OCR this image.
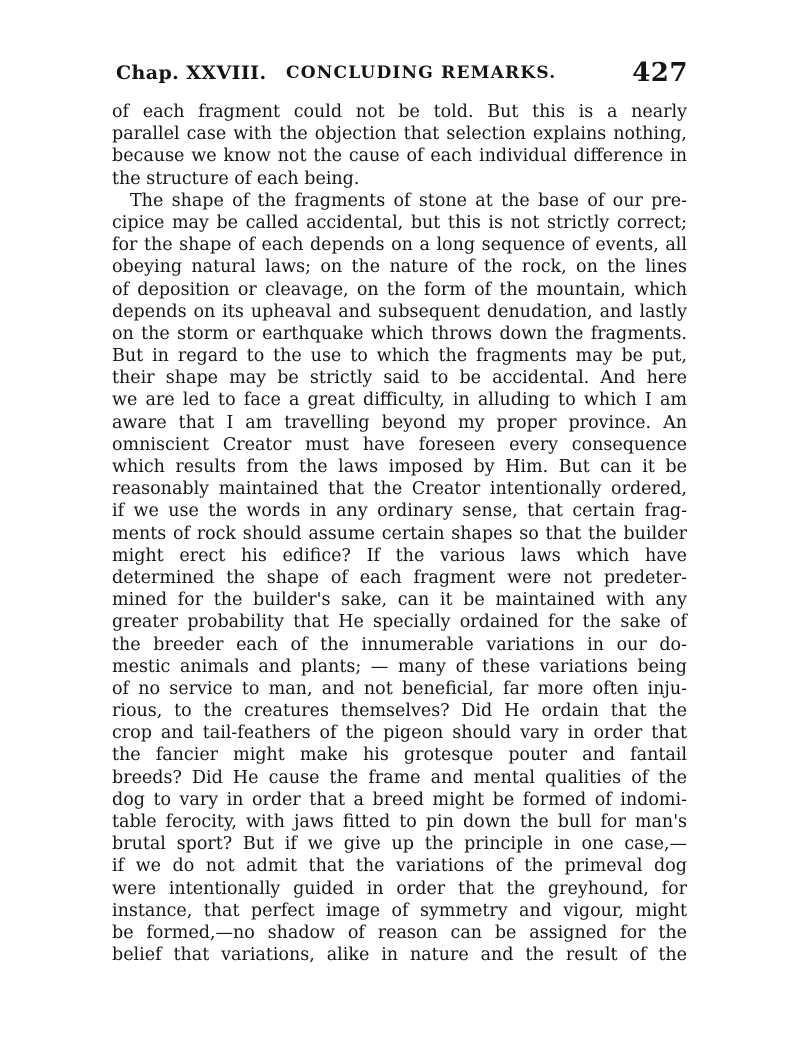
Chap. XXVIII. CONCLUDING REMARKS.	427
of each fragment could not be told. But this is a nearly
parallel case with the objection that selection explains nothing,
because we know not the cause of each individual difference in
the structure of each being.
The shape of the fragments of stone at the base of our pre-
cipice may be called accidental, but this is not strictly correct;
for the shape of each depends on a long sequence of events, all
obeying natural laws; on the nature of the rock, on the lines
of deposition or cleavage, on the form of the mountain, which
depends on its upheaval and subsequent denudation, and lastly
on the storm or earthquake which throws down the fragments.
But in regard to the use to which the fragments may be put,
their shape may be strictly said to be accidental. And here
we are led to face a great difficulty, in alluding to which I am
aware that I am travelling beyond my proper province. An
omniscient Creator must have foreseen every consequence
which results from the laws imposed by Him. But can it be
reasonably maintained that the Creator intentionally ordered,
if we use the words in any ordinary sense, that certain frag-
ments of rock should assume certain shapes so that the builder
might erect his edifice? If the various laws which have
determined the shape of each fragment were not predeter-
mined for the builder's sake, can it be maintained with any
greater probability that He specially ordained for the sake of
the breeder each of the innumerable variations in our do-
mestic animals and plants; — many of these variations being
of no service to man, and not beneficial, far more often inju-
rious, to the creatures themselves? Did He ordain that the
crop and tail-feathers of the pigeon should vary in order that
the fancier might make his grotesque pouter and fantail
breeds? Did He cause the frame and mental qualities of the
dog to vary in order that a breed might be formed of indomi-
table ferocity, with jaws fitted to pin down the bull for man's
brutal sport? But if we give up the principle in one case,—
if we do not admit that the variations of the primeval dog
were intentionally guided in order that the greyhound, for
instance, that perfect image of symmetry and vigour, might
be formed,—no shadow of reason can be assigned for the
belief that variations, alike in nature and the result of the
